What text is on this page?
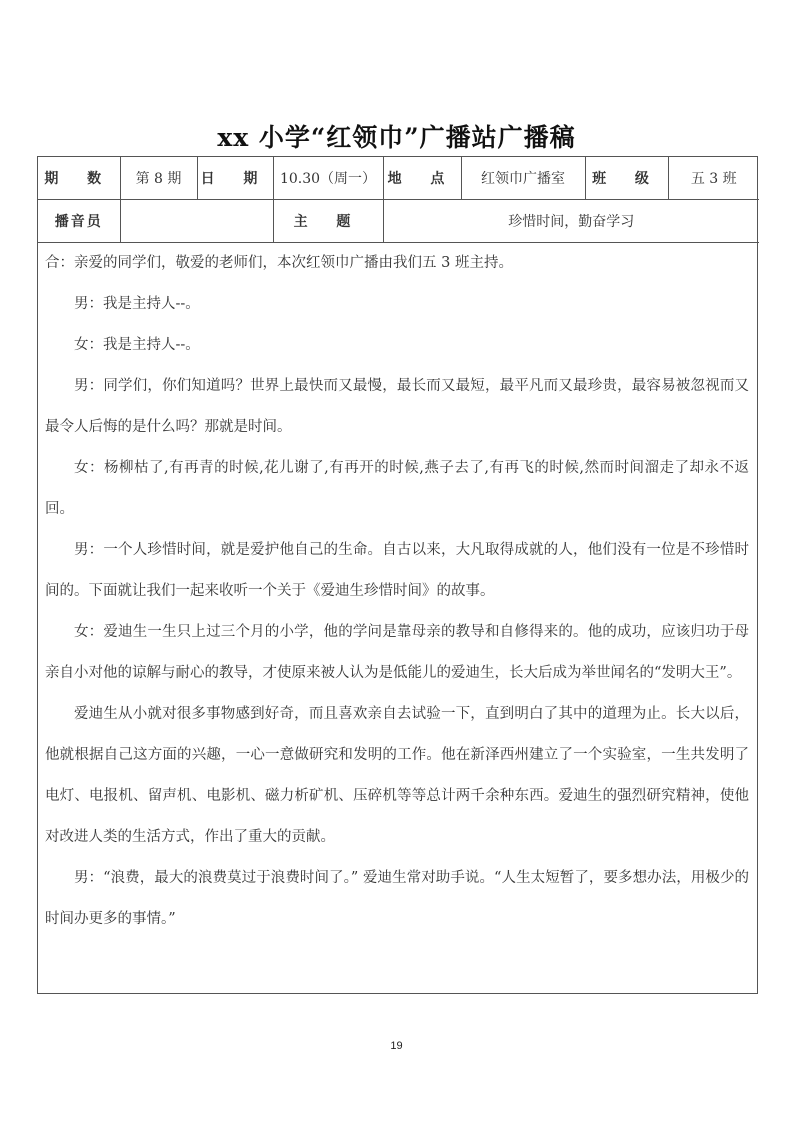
xx 小学“红领巾”广播站广播稿
期 数	第 8 期	日 期	10.30（周一）	地 点	红领巾广播室	班 级	五 3 班
播音员			主 题	珍惜时间，勤奋学习			

合：亲爱的同学们，敬爱的老师们，本次红领巾广播由我们五 3 班主持。

男：我是主持人--。

女：我是主持人--。

男：同学们，你们知道吗？世界上最快而又最慢，最长而又最短，最平凡而又最珍贵，最容易被忽视而又最令人后悔的是什么吗？那就是时间。

女：杨柳枯了,有再青的时候,花儿谢了,有再开的时候,燕子去了,有再飞的时候,然而时间溜走了却永不返回。

男：一个人珍惜时间，就是爱护他自己的生命。自古以来，大凡取得成就的人，他们没有一位是不珍惜时间的。下面就让我们一起来收听一个关于《爱迪生珍惜时间》的故事。

女：爱迪生一生只上过三个月的小学，他的学问是靠母亲的教导和自修得来的。他的成功，应该归功于母亲自小对他的谅解与耐心的教导，才使原来被人认为是低能儿的爱迪生，长大后成为举世闻名的“发明大王”。

爱迪生从小就对很多事物感到好奇，而且喜欢亲自去试验一下，直到明白了其中的道理为止。长大以后，他就根据自己这方面的兴趣，一心一意做研究和发明的工作。他在新泽西州建立了一个实验室，一生共发明了电灯、电报机、留声机、电影机、磁力析矿机、压碎机等等总计两千余种东西。爱迪生的强烈研究精神，使他对改进人类的生活方式，作出了重大的贡献。

男：“浪费，最大的浪费莫过于浪费时间了。” 爱迪生常对助手说。“人生太短暂了，要多想办法，用极少的时间办更多的事情。”

19
